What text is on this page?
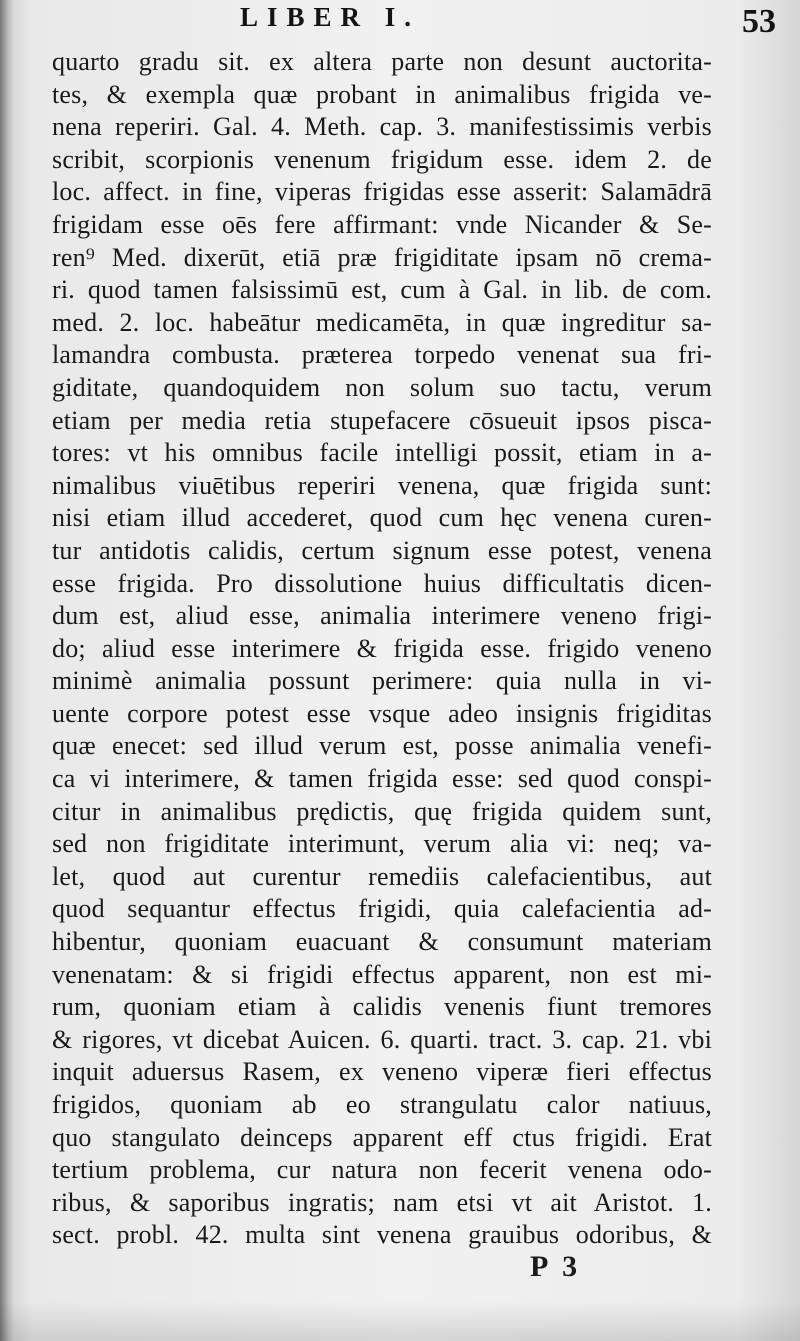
LIBER I.	53
quarto gradu sit. ex altera parte non desunt auctorita-
tes, & exempla quæ probant in animalibus frigida ve-
nena reperiri. Gal. 4. Meth. cap. 3. manifestissimis verbis
scribit, scorpionis venenum frigidum esse. idem 2. de
loc. affect. in fine, viperas frigidas esse asserit: Salamādrā
frigidam esse oēs fere affirmant: vnde Nicander & Se-
ren⁹ Med. dixerūt, etiā præ frigiditate ipsam nō crema-
ri. quod tamen falsissimū est, cum à Gal. in lib. de com.
med. 2. loc. habeātur medicamēta, in quæ ingreditur sa-
lamandra combusta. præterea torpedo venenat sua fri-
giditate, quandoquidem non solum suo tactu, verum
etiam per media retia stupefacere cōsueuit ipsos pisca-
tores: vt his omnibus facile intelligi possit, etiam in a-
nimalibus viuētibus reperiri venena, quæ frigida sunt:
nisi etiam illud accederet, quod cum hęc venena curen-
tur antidotis calidis, certum signum esse potest, venena
esse frigida. Pro dissolutione huius difficultatis dicen-
dum est, aliud esse, animalia interimere veneno frigi-
do; aliud esse interimere & frigida esse. frigido veneno
minimè animalia possunt perimere: quia nulla in vi-
uente corpore potest esse vsque adeo insignis frigiditas
quæ enecet: sed illud verum est, posse animalia venefi-
ca vi interimere, & tamen frigida esse: sed quod conspi-
citur in animalibus prędictis, quę frigida quidem sunt,
sed non frigiditate interimunt, verum alia vi: neq; va-
let, quod aut curentur remediis calefacientibus, aut
quod sequantur effectus frigidi, quia calefacientia ad-
hibentur, quoniam euacuant & consumunt materiam
venenatam: & si frigidi effectus apparent, non est mi-
rum, quoniam etiam à calidis venenis fiunt tremores
& rigores, vt dicebat Auicen. 6. quarti. tract. 3. cap. 21. vbi
inquit aduersus Rasem, ex veneno viperæ fieri effectus
frigidos, quoniam ab eo strangulatu calor natiuus,
quo stangulato deinceps apparent eff ctus frigidi. Erat
tertium problema, cur natura non fecerit venena odo-
ribus, & saporibus ingratis; nam etsi vt ait Aristot. 1.
sect. probl. 42. multa sint venena grauibus odoribus, &
P 3
